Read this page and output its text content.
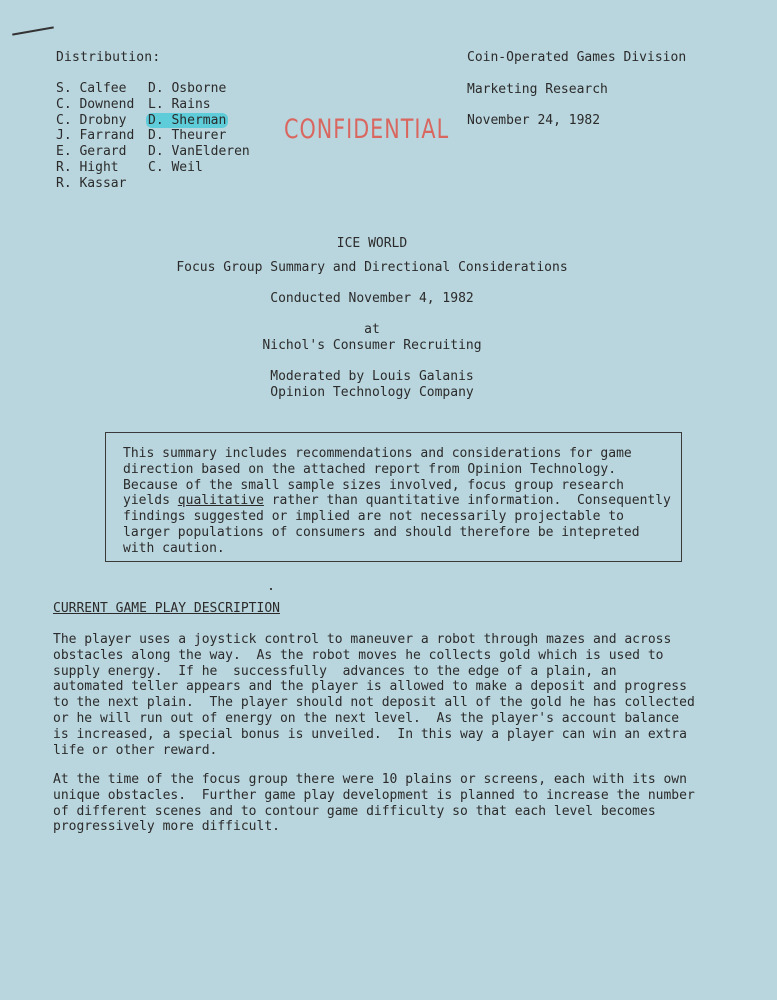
Distribution:
S. Calfee
C. Downend
C. Drobny
J. Farrand
E. Gerard
R. Hight
R. Kassar
D. Osborne
L. Rains
D. Sherman
D. Theurer
D. VanElderen
C. Weil
CONFIDENTIAL
Coin-Operated Games Division
Marketing Research
November 24, 1982
ICE WORLD
Focus Group Summary and Directional Considerations
Conducted November 4, 1982
at
Nichol's Consumer Recruiting
Moderated by Louis Galanis
Opinion Technology Company
This summary includes recommendations and considerations for game
direction based on the attached report from Opinion Technology.
Because of the small sample sizes involved, focus group research
yields qualitative rather than quantitative information.  Consequently
findings suggested or implied are not necessarily projectable to
larger populations of consumers and should therefore be intepreted
with caution.
CURRENT GAME PLAY DESCRIPTION
The player uses a joystick control to maneuver a robot through mazes and across
obstacles along the way.  As the robot moves he collects gold which is used to
supply energy.  If he  successfully  advances to the edge of a plain, an
automated teller appears and the player is allowed to make a deposit and progress
to the next plain.  The player should not deposit all of the gold he has collected
or he will run out of energy on the next level.  As the player's account balance
is increased, a special bonus is unveiled.  In this way a player can win an extra
life or other reward.
At the time of the focus group there were 10 plains or screens, each with its own
unique obstacles.  Further game play development is planned to increase the number
of different scenes and to contour game difficulty so that each level becomes
progressively more difficult.
